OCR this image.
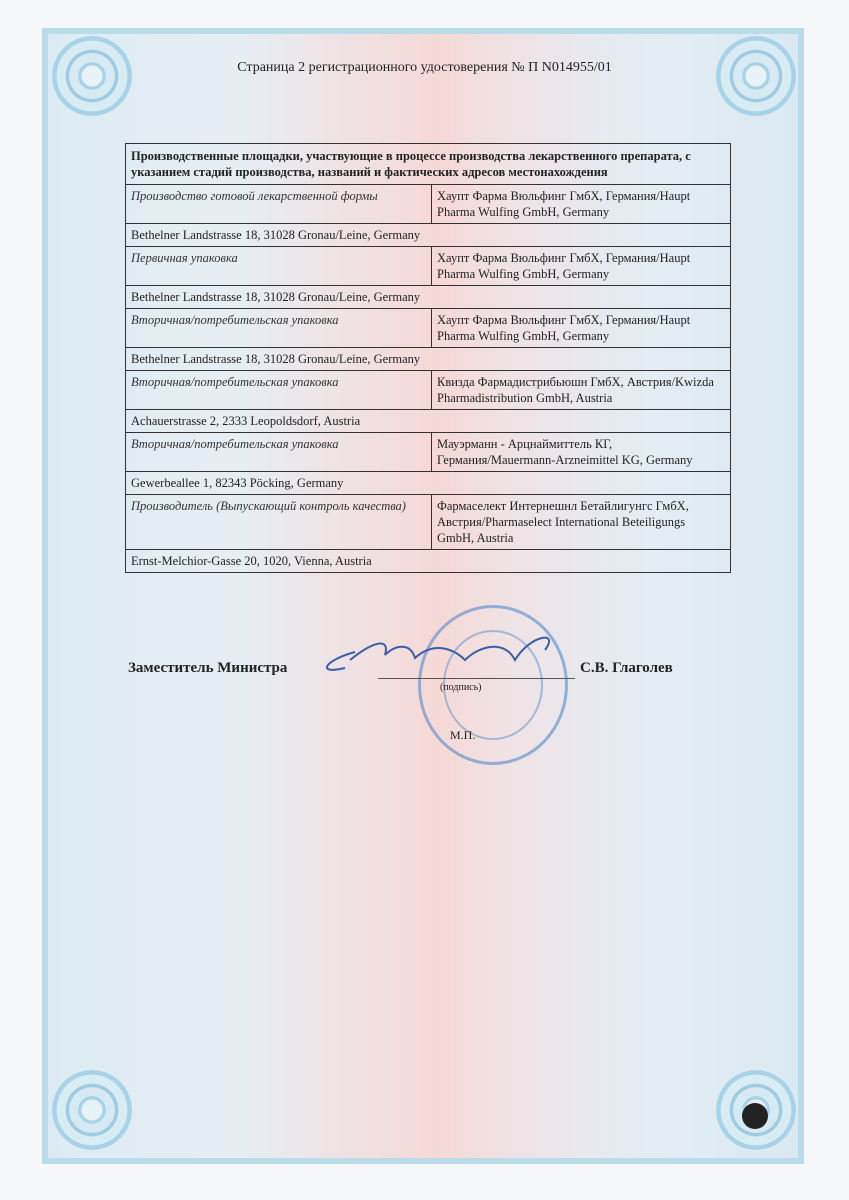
Страница 2 регистрационного удостоверения № П N014955/01
Производственные площадки, участвующие в процессе производства лекарственного препарата, с указанием стадий производства, названий и фактических адресов местонахождения	
Производство готовой лекарственной формы	Хаупт Фарма Вюльфинг ГмбХ, Германия/Haupt Pharma Wulfing GmbH, Germany
Bethelner Landstrasse 18, 31028 Gronau/Leine, Germany	
Первичная упаковка	Хаупт Фарма Вюльфинг ГмбХ, Германия/Haupt Pharma Wulfing GmbH, Germany
Bethelner Landstrasse 18, 31028 Gronau/Leine, Germany	
Вторичная/потребительская упаковка	Хаупт Фарма Вюльфинг ГмбХ, Германия/Haupt Pharma Wulfing GmbH, Germany
Bethelner Landstrasse 18, 31028 Gronau/Leine, Germany	
Вторичная/потребительская упаковка	Квизда Фармадистрибьюшн ГмбХ, Австрия/Kwizda Pharmadistribution GmbH, Austria
Achauerstrasse 2, 2333 Leopoldsdorf, Austria	
Вторичная/потребительская упаковка	Мауэрманн - Арцнаймиттель КГ, Германия/Mauermann-Arzneimittel KG, Germany
Gewerbeallee 1, 82343 Pöcking, Germany	
Производитель (Выпускающий контроль качества)	Фармаселект Интернешнл Бетайлигунгс ГмбХ, Австрия/Pharmaselect International Beteiligungs GmbH, Austria
Ernst-Melchior-Gasse 20, 1020, Vienna, Austria	
Заместитель Министра	С.В. Глаголев
(подпись)
М.П.
